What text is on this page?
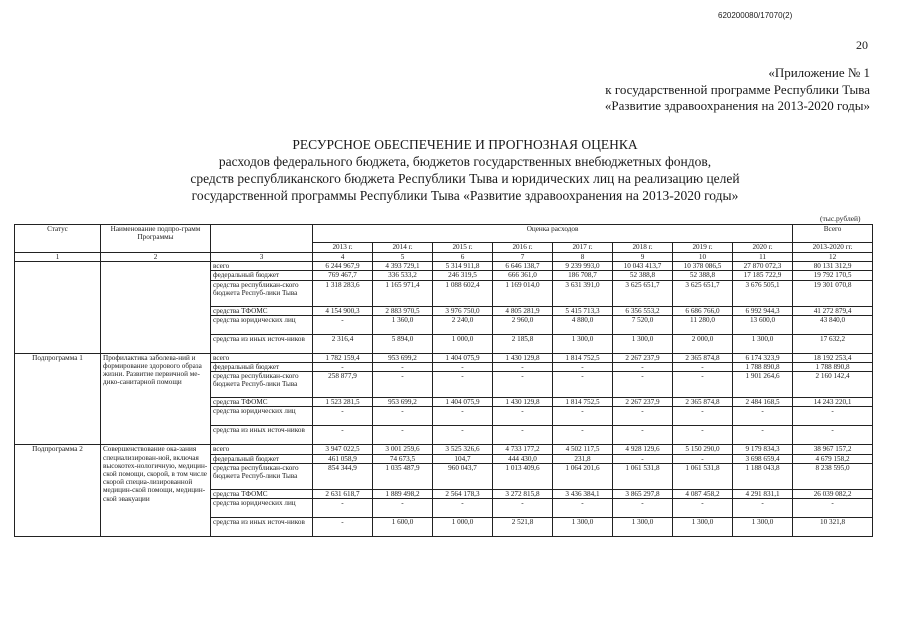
620200080/17070(2)
20
«Приложение № 1
к государственной программе Республики Тыва
«Развитие здравоохранения на 2013-2020 годы»
РЕСУРСНОЕ ОБЕСПЕЧЕНИЕ И ПРОГНОЗНАЯ ОЦЕНКА
расходов федерального бюджета, бюджетов государственных внебюджетных фондов,
средств республиканского бюджета Республики Тыва и юридических лиц на реализацию целей
государственной программы Республики Тыва «Развитие здравоохранения на 2013-2020 годы»
(тыс.рублей)
Статус	Наименование подпро-грамм Программы		Оценка расходов								Всего
			2013 г.	2014 г.	2015 г.	2016 г.	2017 г.	2018 г.	2019 г.	2020 г.	2013-2020 гг.
1	2	3	4	5	6	7	8	9	10	11	12
		всего	6 244 967,9	4 393 729,1	5 314 911,8	6 646 138,7	9 239 993,0	10 043 413,7	10 378 086,5	27 870 072,3	80 131 312,9
		федеральный бюджет	769 467,7	336 533,2	246 319,5	666 361,0	186 708,7	52 388,8	52 388,8	17 185 722,9	19 792 170,5
		средства республикан-ского бюджета Респуб-лики Тыва	1 318 283,6	1 165 971,4	1 088 602,4	1 169 014,0	3 631 391,0	3 625 651,7	3 625 651,7	3 676 505,1	19 301 070,8
		средства ТФОМС	4 154 900,3	2 883 970,5	3 976 750,0	4 805 281,9	5 415 713,3	6 356 553,2	6 686 766,0	6 992 944,3	41 272 879,4
		средства юридических лиц	-	1 360,0	2 240,0	2 960,0	4 880,0	7 520,0	11 280,0	13 600,0	43 840,0
		средства из иных источ-ников	2 316,4	5 894,0	1 000,0	2 185,8	1 300,0	1 300,0	2 000,0	1 300,0	17 632,2
Подпрограмма 1	Профилактика заболева-ний и формирование здорового образа жизни. Развитие первичной ме-дико-санитарной помощи	всего	1 782 159,4	953 699,2	1 404 075,9	1 430 129,8	1 814 752,5	2 267 237,9	2 365 874,8	6 174 323,9	18 192 253,4
		федеральный бюджет	-	-	-	-	-	-	-	1 788 890,8	1 788 890,8
		средства республикан-ского бюджета Респуб-лики Тыва	258 877,9	-	-	-	-	-	-	1 901 264,6	2 160 142,4
		средства ТФОМС	1 523 281,5	953 699,2	1 404 075,9	1 430 129,8	1 814 752,5	2 267 237,9	2 365 874,8	2 484 168,5	14 243 220,1
		средства юридических лиц	-	-	-	-	-	-	-	-	-
		средства из иных источ-ников	-	-	-	-	-	-	-	-	-
Подпрограмма 2	Совершенствование ока-зания специализирован-ной, включая высокотех-нологичную, медицин-ской помощи, скорой, в том числе скорой специа-лизированной медицин-ской помощи, медицин-ской эвакуации	всего	3 947 022,5	3 001 259,6	3 525 326,6	4 733 177,2	4 502 117,5	4 928 129,6	5 150 290,0	9 179 834,3	38 967 157,2
		федеральный бюджет	461 058,9	74 673,5	104,7	444 430,0	231,8	-	-	3 698 659,4	4 679 158,2
		средства республикан-ского бюджета Респуб-лики Тыва	854 344,9	1 035 487,9	960 043,7	1 013 409,6	1 064 201,6	1 061 531,8	1 061 531,8	1 188 043,8	8 238 595,0
		средства ТФОМС	2 631 618,7	1 889 498,2	2 564 178,3	3 272 815,8	3 436 384,1	3 865 297,8	4 087 458,2	4 291 831,1	26 039 082,2
		средства юридических лиц	-	-	-	-	-	-	-	-	-
		средства из иных источ-ников	-	1 600,0	1 000,0	2 521,8	1 300,0	1 300,0	1 300,0	1 300,0	10 321,8
